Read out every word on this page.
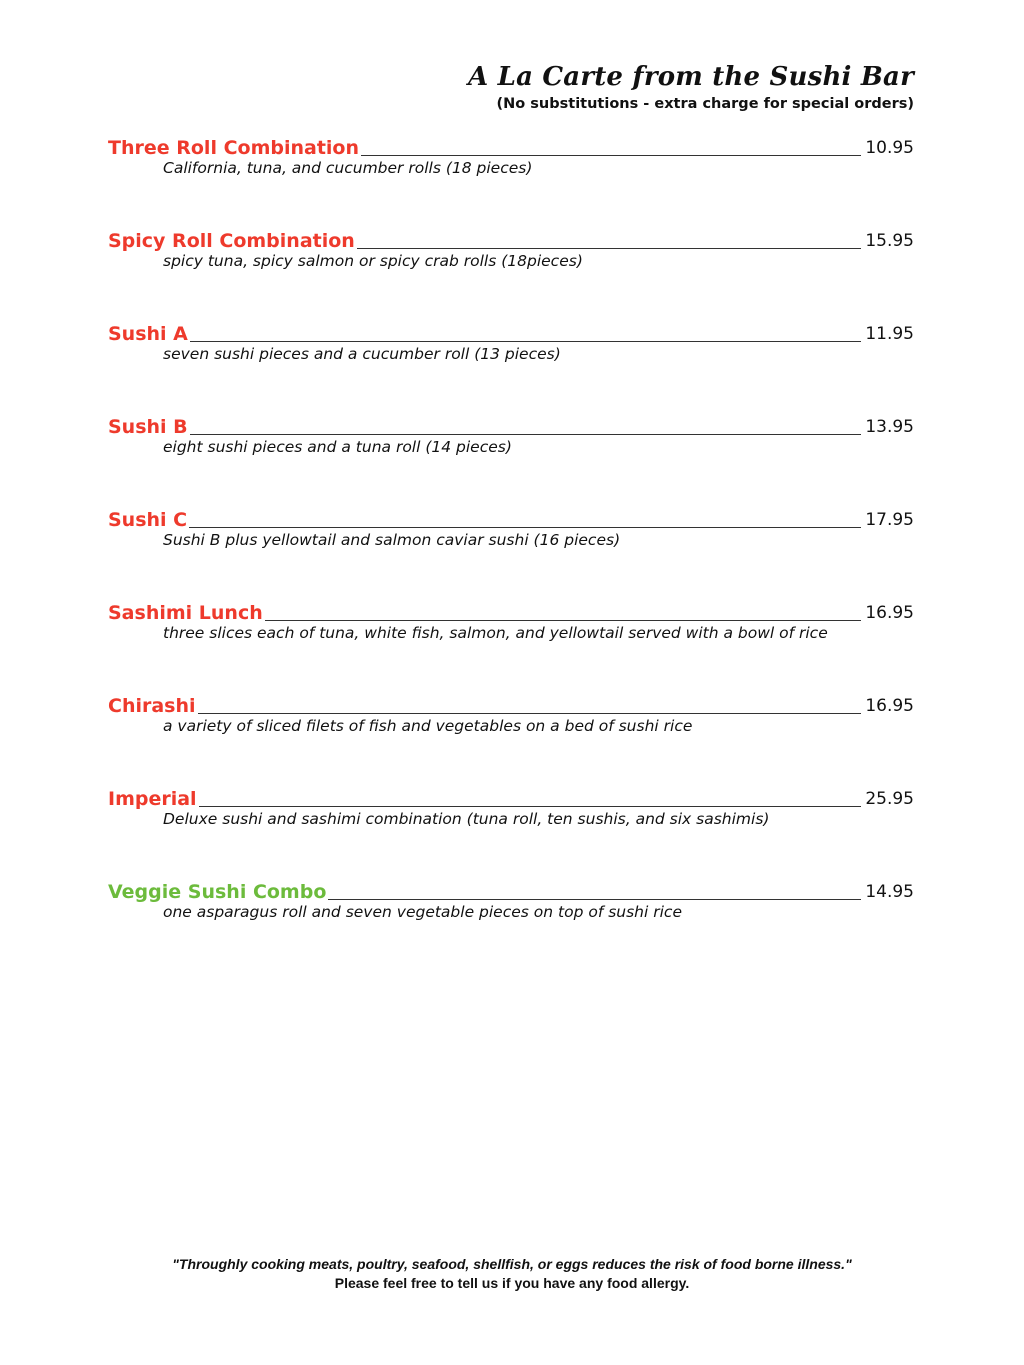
A La Carte from the Sushi Bar
(No substitutions - extra charge for special orders)
Three Roll Combination	10.95
California, tuna, and cucumber rolls (18 pieces)
Spicy Roll Combination	15.95
spicy tuna, spicy salmon or spicy crab rolls (18pieces)
Sushi A	11.95
seven sushi pieces and a cucumber roll (13 pieces)
Sushi B	13.95
eight sushi pieces and a tuna roll (14 pieces)
Sushi C	17.95
Sushi B plus yellowtail and salmon caviar sushi (16 pieces)
Sashimi Lunch	16.95
three slices each of tuna, white fish, salmon, and yellowtail served with a bowl of rice
Chirashi	16.95
a variety of sliced filets of fish and vegetables on a bed of sushi rice
Imperial	25.95
Deluxe sushi and sashimi combination (tuna roll, ten sushis, and six sashimis)
Veggie Sushi Combo	14.95
one asparagus roll and seven vegetable pieces on top of sushi rice
"Throughly cooking meats, poultry, seafood, shellfish, or eggs reduces the risk of food borne illness."
Please feel free to tell us if you have any food allergy.
